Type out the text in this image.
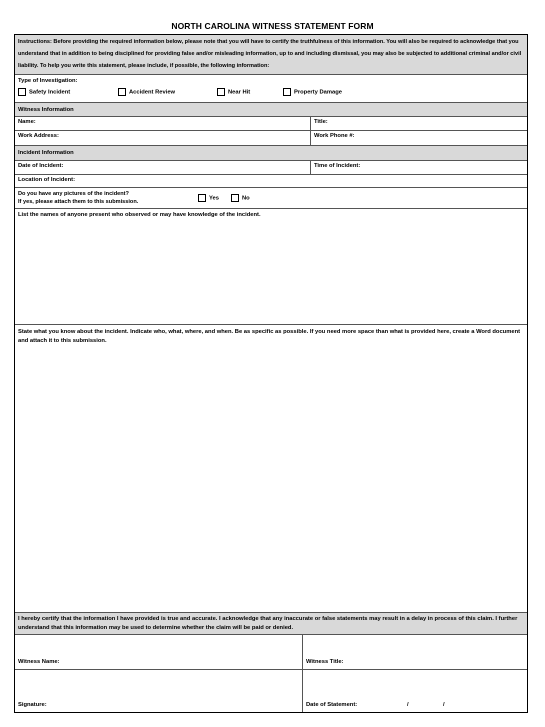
NORTH CAROLINA WITNESS STATEMENT FORM
Instructions: Before providing the required information below, please note that you will have to certify the truthfulness of this information. You will also be required to acknowledge that you understand that in addition to being disciplined for providing false and/or misleading information, up to and including dismissal, you may also be subjected to additional criminal and/or civil liability. To help you write this statement, please include, if possible, the following information:
Type of Investigation:
Safety Incident	Accident Review	Near Hit	Property Damage
Witness Information
Name:	Title:
Work Address:	Work Phone #:
Incident Information
Date of Incident:	Time of Incident:
Location of Incident:
Do you have any pictures of the incident?
If yes, please attach them to this submission.
Yes	No
List the names of anyone present who observed or may have knowledge of the incident.
State what you know about the incident. Indicate who, what, where, and when. Be as specific as possible. If you need more space than what is provided here, create a Word document and attach it to this submission.
I hereby certify that the information I have provided is true and accurate. I acknowledge that any inaccurate or false statements may result in a delay in process of this claim. I further understand that this information may be used to determine whether the claim will be paid or denied.
Witness Name:	Witness Title:
Signature:	Date of Statement:	/	/
